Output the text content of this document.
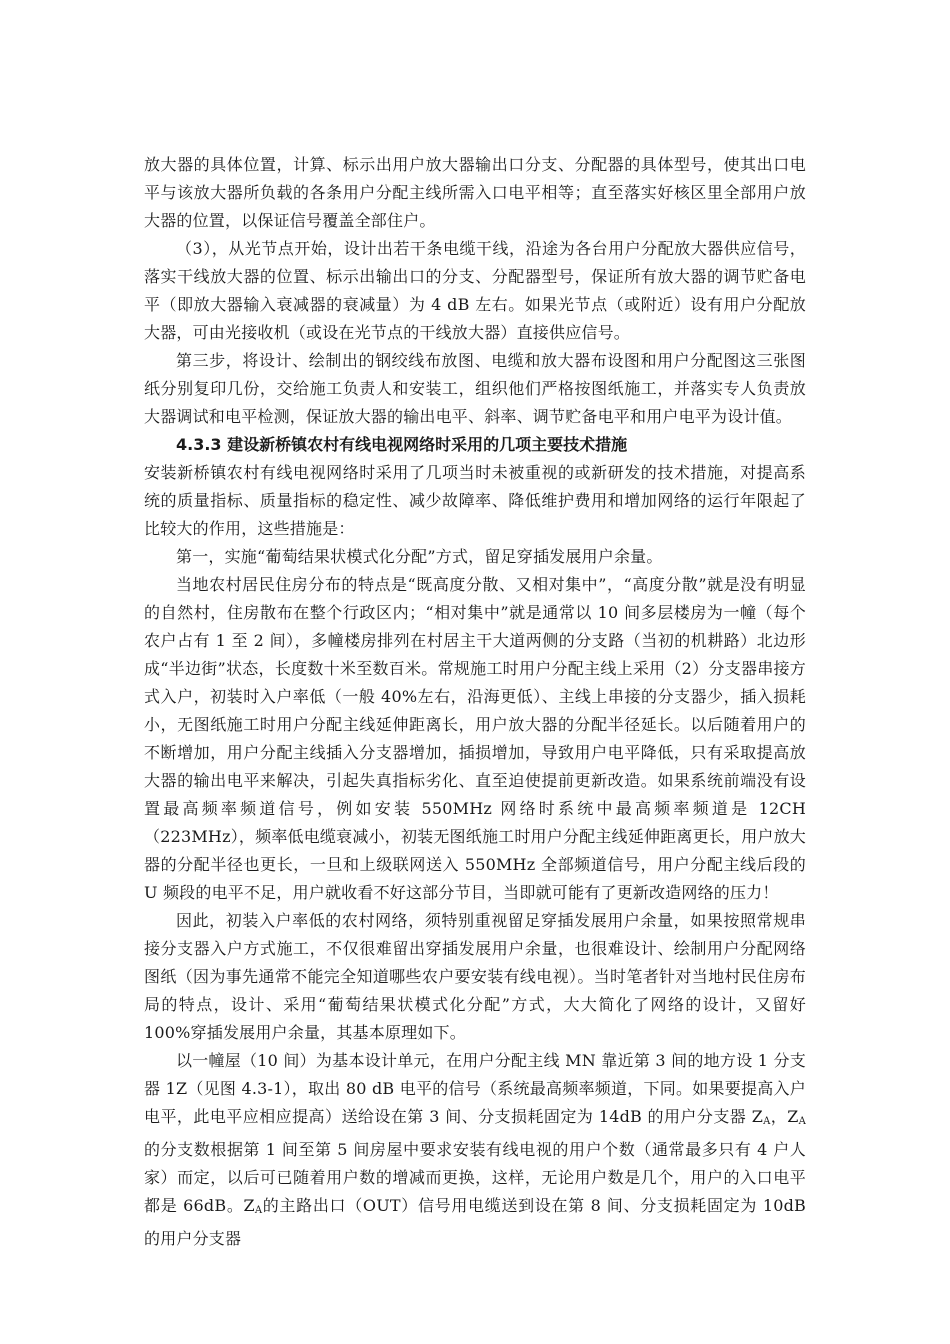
放大器的具体位置，计算、标示出用户放大器输出口分支、分配器的具体型号，使其出口电平与该放大器所负载的各条用户分配主线所需入口电平相等；直至落实好核区里全部用户放大器的位置，以保证信号覆盖全部住户。

（3），从光节点开始，设计出若干条电缆干线，沿途为各台用户分配放大器供应信号，落实干线放大器的位置、标示出输出口的分支、分配器型号，保证所有放大器的调节贮备电平（即放大器输入衰减器的衰减量）为 4 dB 左右。如果光节点（或附近）设有用户分配放大器，可由光接收机（或设在光节点的干线放大器）直接供应信号。

第三步，将设计、绘制出的钢绞线布放图、电缆和放大器布设图和用户分配图这三张图纸分别复印几份，交给施工负责人和安装工，组织他们严格按图纸施工，并落实专人负责放大器调试和电平检测，保证放大器的输出电平、斜率、调节贮备电平和用户电平为设计值。

4.3.3 建设新桥镇农村有线电视网络时采用的几项主要技术措施

安装新桥镇农村有线电视网络时采用了几项当时未被重视的或新研发的技术措施，对提高系统的质量指标、质量指标的稳定性、减少故障率、降低维护费用和增加网络的运行年限起了比较大的作用，这些措施是：

第一，实施“葡萄结果状模式化分配”方式，留足穿插发展用户余量。

当地农村居民住房分布的特点是“既高度分散、又相对集中”，“高度分散”就是没有明显的自然村，住房散布在整个行政区内；“相对集中”就是通常以 10 间多层楼房为一幢（每个农户占有 1 至 2 间），多幢楼房排列在村居主干大道两侧的分支路（当初的机耕路）北边形成“半边街”状态，长度数十米至数百米。常规施工时用户分配主线上采用（2）分支器串接方式入户，初装时入户率低（一般 40%左右，沿海更低）、主线上串接的分支器少，插入损耗小，无图纸施工时用户分配主线延伸距离长，用户放大器的分配半径延长。以后随着用户的不断增加，用户分配主线插入分支器增加，插损增加，导致用户电平降低，只有采取提高放大器的输出电平来解决，引起失真指标劣化、直至迫使提前更新改造。如果系统前端没有设置最高频率频道信号，例如安装 550MHz 网络时系统中最高频率频道是 12CH（223MHz），频率低电缆衰减小，初装无图纸施工时用户分配主线延伸距离更长，用户放大器的分配半径也更长，一旦和上级联网送入 550MHz 全部频道信号，用户分配主线后段的 U 频段的电平不足，用户就收看不好这部分节目，当即就可能有了更新改造网络的压力！

因此，初装入户率低的农村网络，须特别重视留足穿插发展用户余量，如果按照常规串接分支器入户方式施工，不仅很难留出穿插发展用户余量，也很难设计、绘制用户分配网络图纸（因为事先通常不能完全知道哪些农户要安装有线电视）。当时笔者针对当地村民住房布局的特点，设计、采用“葡萄结果状模式化分配”方式，大大简化了网络的设计，又留好 100%穿插发展用户余量，其基本原理如下。

以一幢屋（10 间）为基本设计单元，在用户分配主线 MN 靠近第 3 间的地方设 1 分支器 1Z（见图 4.3-1），取出 80 dB 电平的信号（系统最高频率频道，下同。如果要提高入户电平，此电平应相应提高）送给设在第 3 间、分支损耗固定为 14dB 的用户分支器 $Z_A$，$Z_A$的分支数根据第 1 间至第 5 间房屋中要求安装有线电视的用户个数（通常最多只有 4 户人家）而定，以后可已随着用户数的增减而更换，这样，无论用户数是几个，用户的入口电平都是 66dB。$Z_A$的主路出口（OUT）信号用电缆送到设在第 8 间、分支损耗固定为 10dB 的用户分支器
